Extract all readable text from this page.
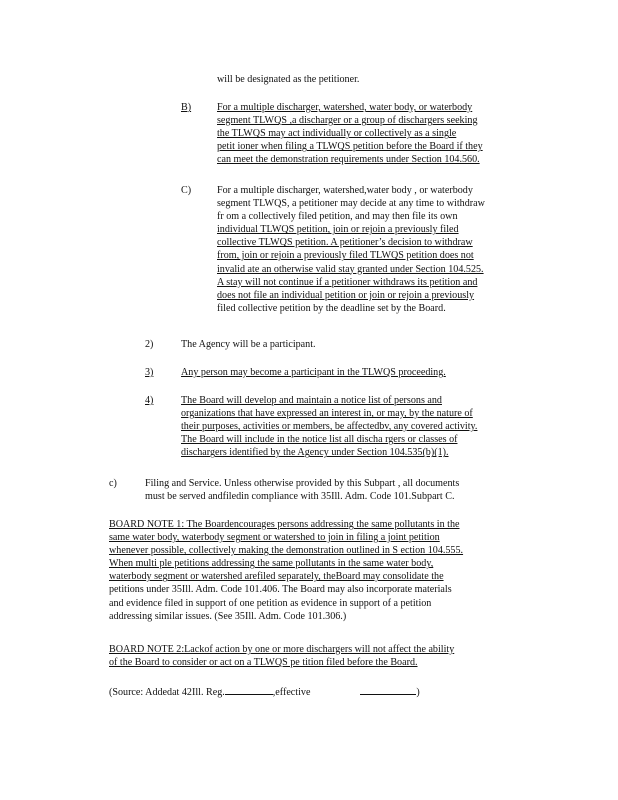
will be designated as the petitioner.
B)	For a multiple discharger, watershed, water body, or waterbody
segment TLWQS ,a discharger or a group of dischargers seeking
the TLWQS may act individually or collectively as a single
petit ioner when filing a TLWQS petition before the Board if they
can meet the demonstration requirements under Section 104.560.
C)	For a multiple discharger, watershed,water body , or waterbody
segment TLWQS, a petitioner may decide at any time to withdraw
fr om a collectively filed petition, and may then file its own
individual TLWQS petition, join or rejoin a previously filed
collective TLWQS petition. A petitioner’s decision to withdraw
from, join or rejoin a previously filed TLWQS petition does not
invalid ate an otherwise valid stay granted under Section 104.525.
A stay will not continue if a petitioner withdraws its petition and
does not file an individual petition or join or rejoin a previously
filed collective petition by the deadline set by the Board.
2)	The Agency will be a participant.
3)	Any person may become a participant in the TLWQS proceeding.
4)	The Board will develop and maintain a notice list of persons and
organizations that have expressed an interest in, or may, by the nature of
their purposes, activities or members, be affectedbv, any covered activity.
The Board will include in the notice list all discha rgers or classes of
dischargers identified by the Agency under Section 104.535(b)(1).
c)	Filing and Service. Unless otherwise provided by this Subpart , all documents
must be served andfiledin compliance with 35Ill. Adm. Code 101.Subpart C.
BOARD NOTE 1: The Boardencourages persons addressing the same pollutants in the
same water body, waterbody segment or watershed to join in filing a joint petition
whenever possible, collectively making the demonstration outlined in S ection 104.555.
When multi ple petitions addressing the same pollutants in the same water body,
waterbody segment or watershed arefiled separately, theBoard may consolidate the
petitions under 35Ill. Adm. Code 101.406. The Board may also incorporate materials
and evidence filed in support of one petition as evidence in support of a petition
addressing similar issues. (See 35Ill. Adm. Code 101.306.)
BOARD NOTE 2:Lackof action by one or more dischargers will not affect the ability
of the Board to consider or act on a TLWQS pe tition filed before the Board.
(Source: Addedat 42Ill. Reg.	,effective	)
